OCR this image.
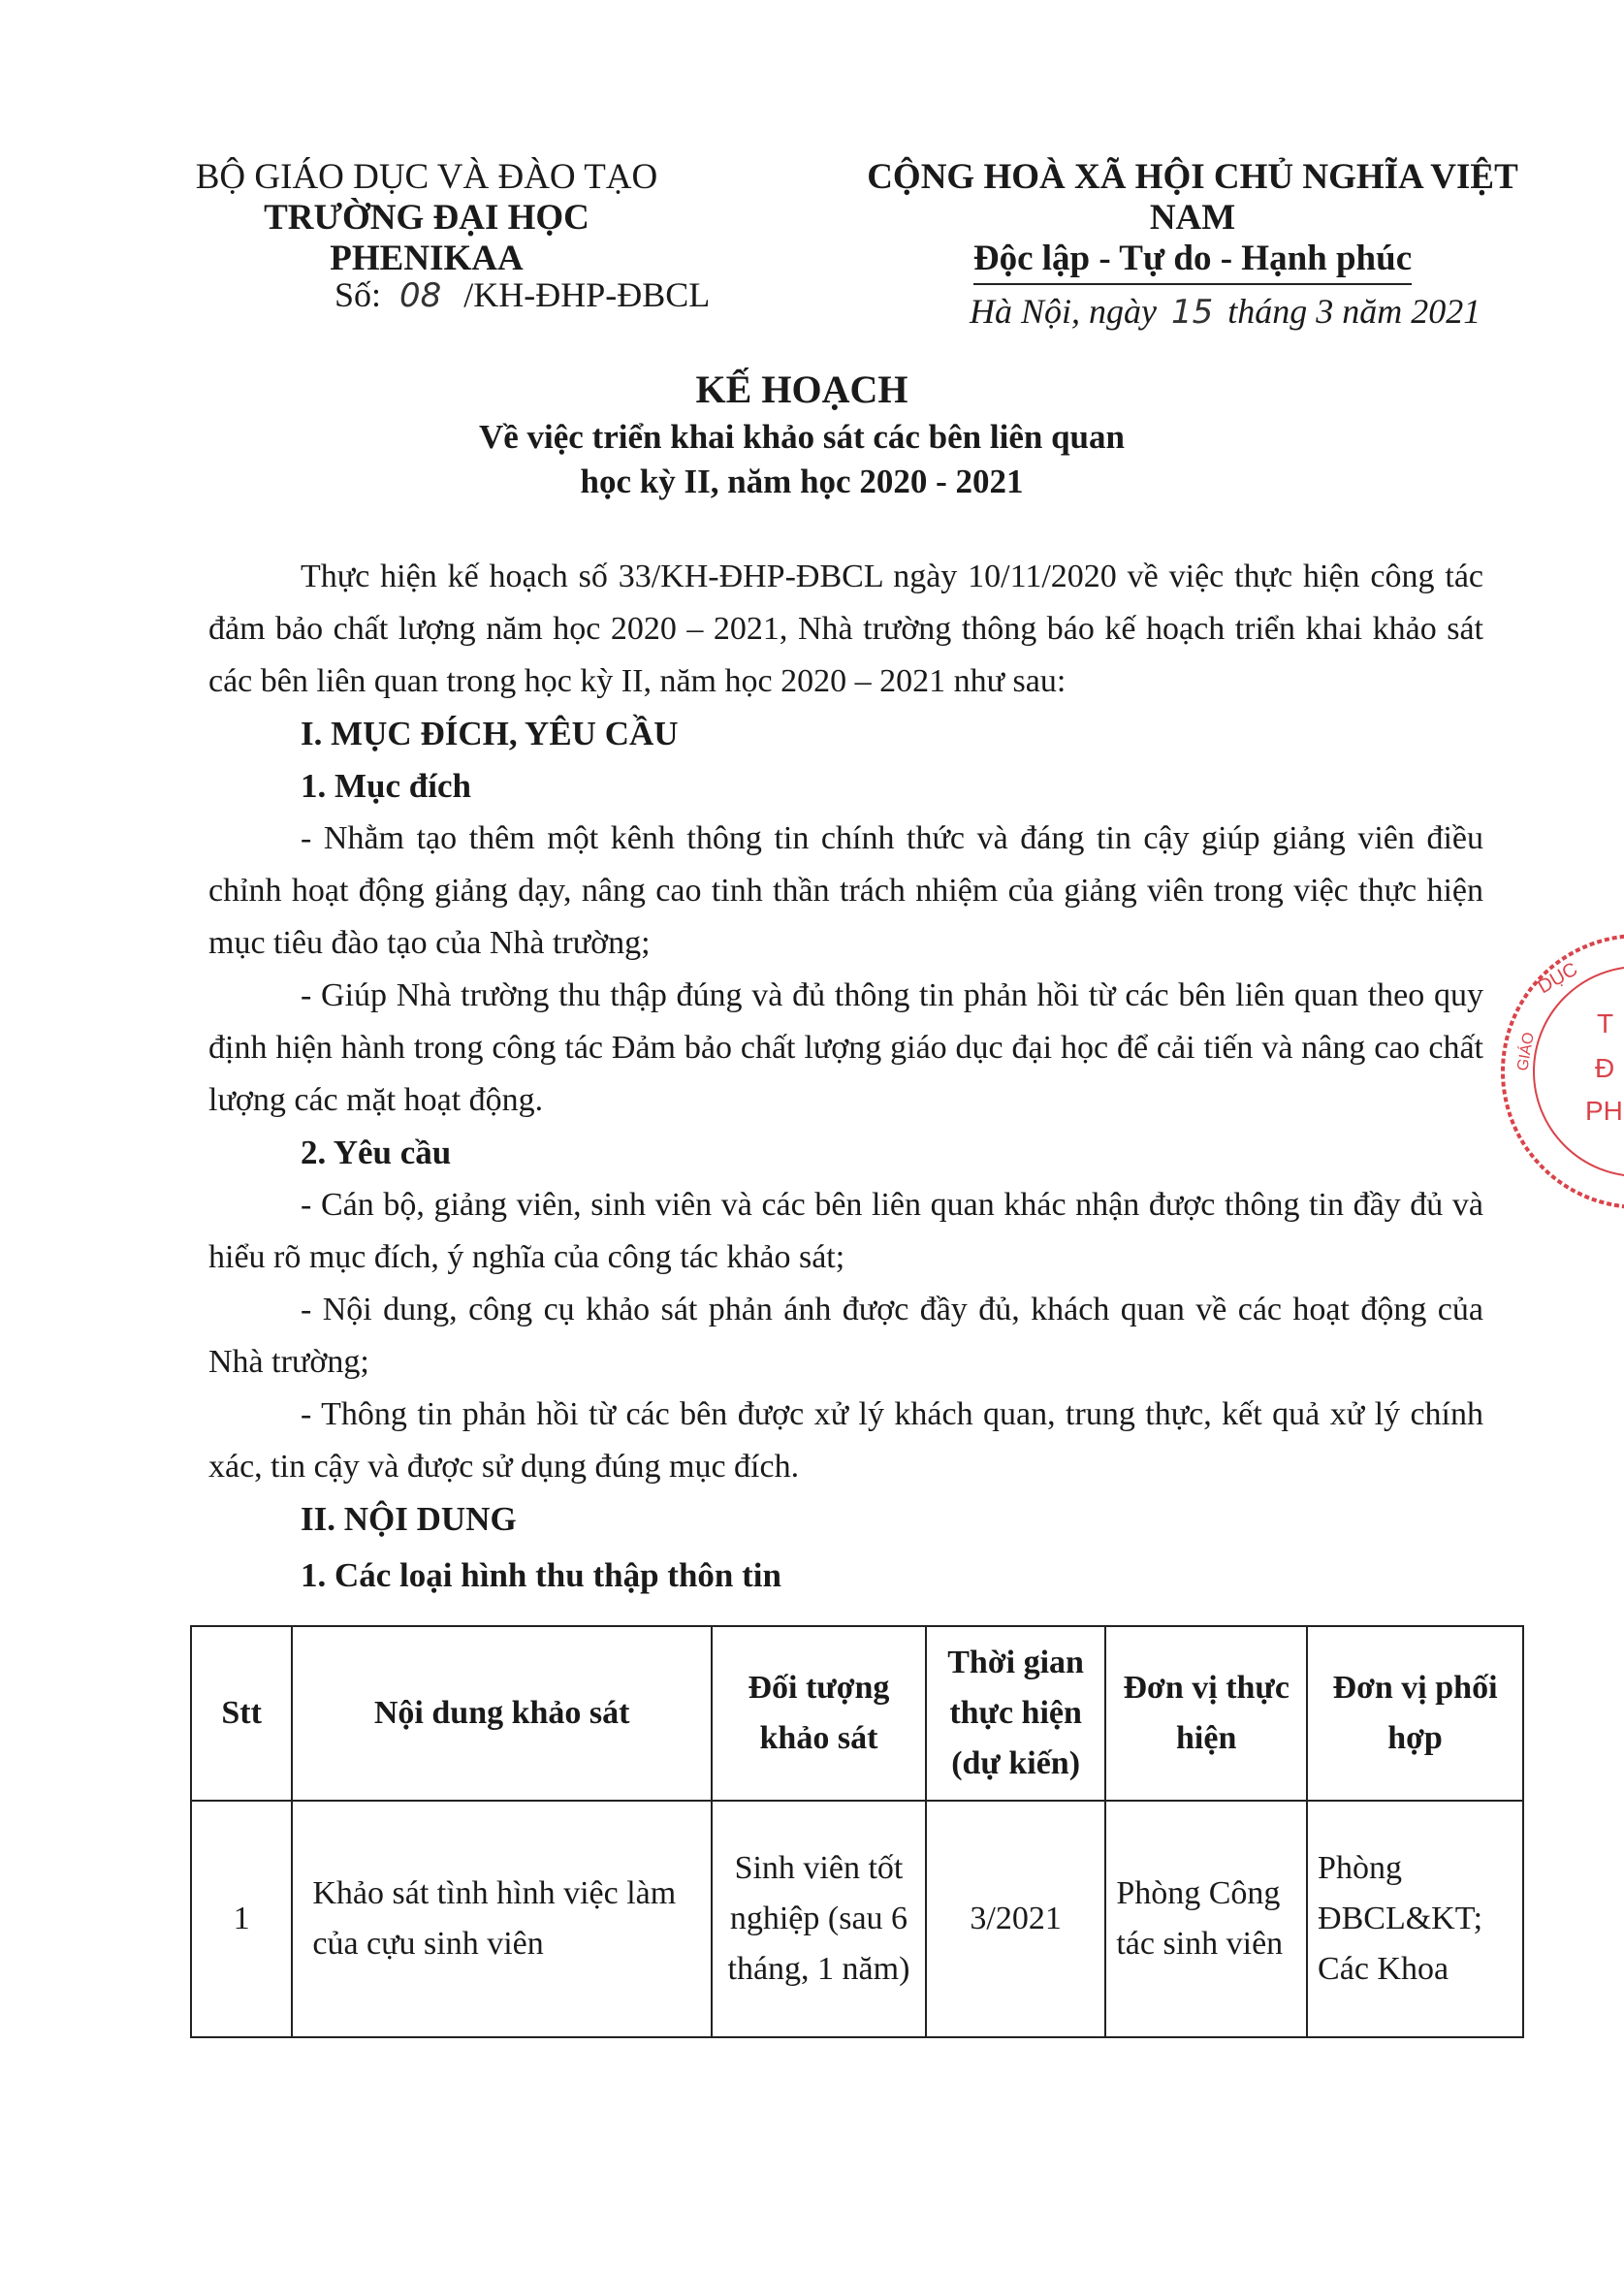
BỘ GIÁO DỤC VÀ ĐÀO TẠO
TRƯỜNG ĐẠI HỌC PHENIKAA
CỘNG HOÀ XÃ HỘI CHỦ NGHĨA VIỆT NAM
Độc lập - Tự do - Hạnh phúc
Số: 08 /KH-ĐHP-ĐBCL	Hà Nội, ngày 15 tháng 3 năm 2021
KẾ HOẠCH
Về việc triển khai khảo sát các bên liên quan
học kỳ II, năm học 2020 - 2021

Thực hiện kế hoạch số 33/KH-ĐHP-ĐBCL ngày 10/11/2020 về việc thực hiện công tác đảm bảo chất lượng năm học 2020 – 2021, Nhà trường thông báo kế hoạch triển khai khảo sát các bên liên quan trong học kỳ II, năm học 2020 – 2021 như sau:

I. MỤC ĐÍCH, YÊU CẦU

1. Mục đích

- Nhằm tạo thêm một kênh thông tin chính thức và đáng tin cậy giúp giảng viên điều chỉnh hoạt động giảng dạy, nâng cao tinh thần trách nhiệm của giảng viên trong việc thực hiện mục tiêu đào tạo của Nhà trường;

- Giúp Nhà trường thu thập đúng và đủ thông tin phản hồi từ các bên liên quan theo quy định hiện hành trong công tác Đảm bảo chất lượng giáo dục đại học để cải tiến và nâng cao chất lượng các mặt hoạt động.

2. Yêu cầu

- Cán bộ, giảng viên, sinh viên và các bên liên quan khác nhận được thông tin đầy đủ và hiểu rõ mục đích, ý nghĩa của công tác khảo sát;

- Nội dung, công cụ khảo sát phản ánh được đầy đủ, khách quan về các hoạt động của Nhà trường;

- Thông tin phản hồi từ các bên được xử lý khách quan, trung thực, kết quả xử lý chính xác, tin cậy và được sử dụng đúng mục đích.

II. NỘI DUNG

1. Các loại hình thu thập thôn tin

Stt	Nội dung khảo sát	Đối tượng khảo sát	Thời gian thực hiện (dự kiến)	Đơn vị thực hiện	Đơn vị phối hợp
1	Khảo sát tình hình việc làm của cựu sinh viên	Sinh viên tốt nghiệp (sau 6 tháng, 1 năm)	3/2021	Phòng Công tác sinh viên	Phòng ĐBCL&KT; Các Khoa
DỤC
T
Đ
PH
GIÁO
